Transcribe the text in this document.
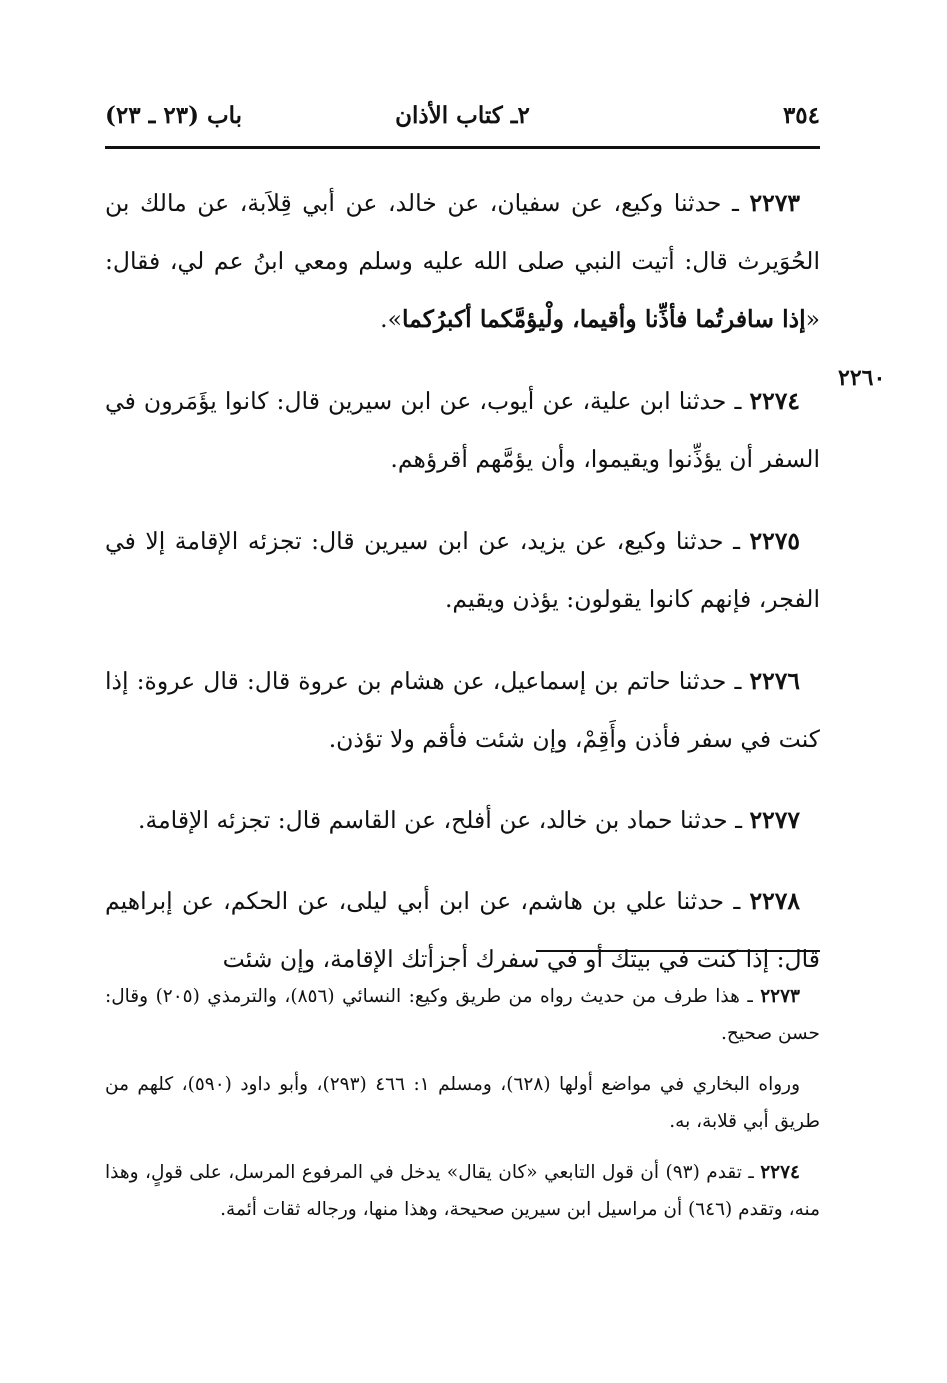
٣٥٤
٢ـ كتاب الأذان
باب (٢٣ ـ ٢٣)
٢٢٦٠

٢٢٧٣ ـ حدثنا وكيع، عن سفيان، عن خالد، عن أبي قِلاَبة، عن مالك بن الحُوَيرث قال: أتيت النبي صلى الله عليه وسلم ومعي ابنُ عم لي، فقال: «إذا سافرتُما فأذِّنا وأقيما، ولْيؤمَّكما أكبرُكما».

٢٢٧٤ ـ حدثنا ابن علية، عن أيوب، عن ابن سيرين قال: كانوا يؤَمَرون في السفر أن يؤذِّنوا ويقيموا، وأن يؤمَّهم أقرؤهم.

٢٢٧٥ ـ حدثنا وكيع، عن يزيد، عن ابن سيرين قال: تجزئه الإقامة إلا في الفجر، فإنهم كانوا يقولون: يؤذن ويقيم.

٢٢٧٦ ـ حدثنا حاتم بن إسماعيل، عن هشام بن عروة قال: قال عروة: إذا كنت في سفر فأذن وأَقِمْ، وإن شئت فأقم ولا تؤذن.

٢٢٧٧ ـ حدثنا حماد بن خالد، عن أفلح، عن القاسم قال: تجزئه الإقامة.

٢٢٧٨ ـ حدثنا علي بن هاشم، عن ابن أبي ليلى، عن الحكم، عن إبراهيم قال: إذا كنت في بيتك أو في سفرك أجزأتك الإقامة، وإن شئت

٢٢٧٣ ـ هذا طرف من حديث رواه من طريق وكيع: النسائي (٨٥٦)، والترمذي (٢٠٥) وقال: حسن صحيح.

ورواه البخاري في مواضع أولها (٦٢٨)، ومسلم ١: ٤٦٦ (٢٩٣)، وأبو داود (٥٩٠)، كلهم من طريق أبي قلابة، به.

٢٢٧٤ ـ تقدم (٩٣) أن قول التابعي «كان يقال» يدخل في المرفوع المرسل، على قولٍ، وهذا منه، وتقدم (٦٤٦) أن مراسيل ابن سيرين صحيحة، وهذا منها، ورجاله ثقات أئمة.
